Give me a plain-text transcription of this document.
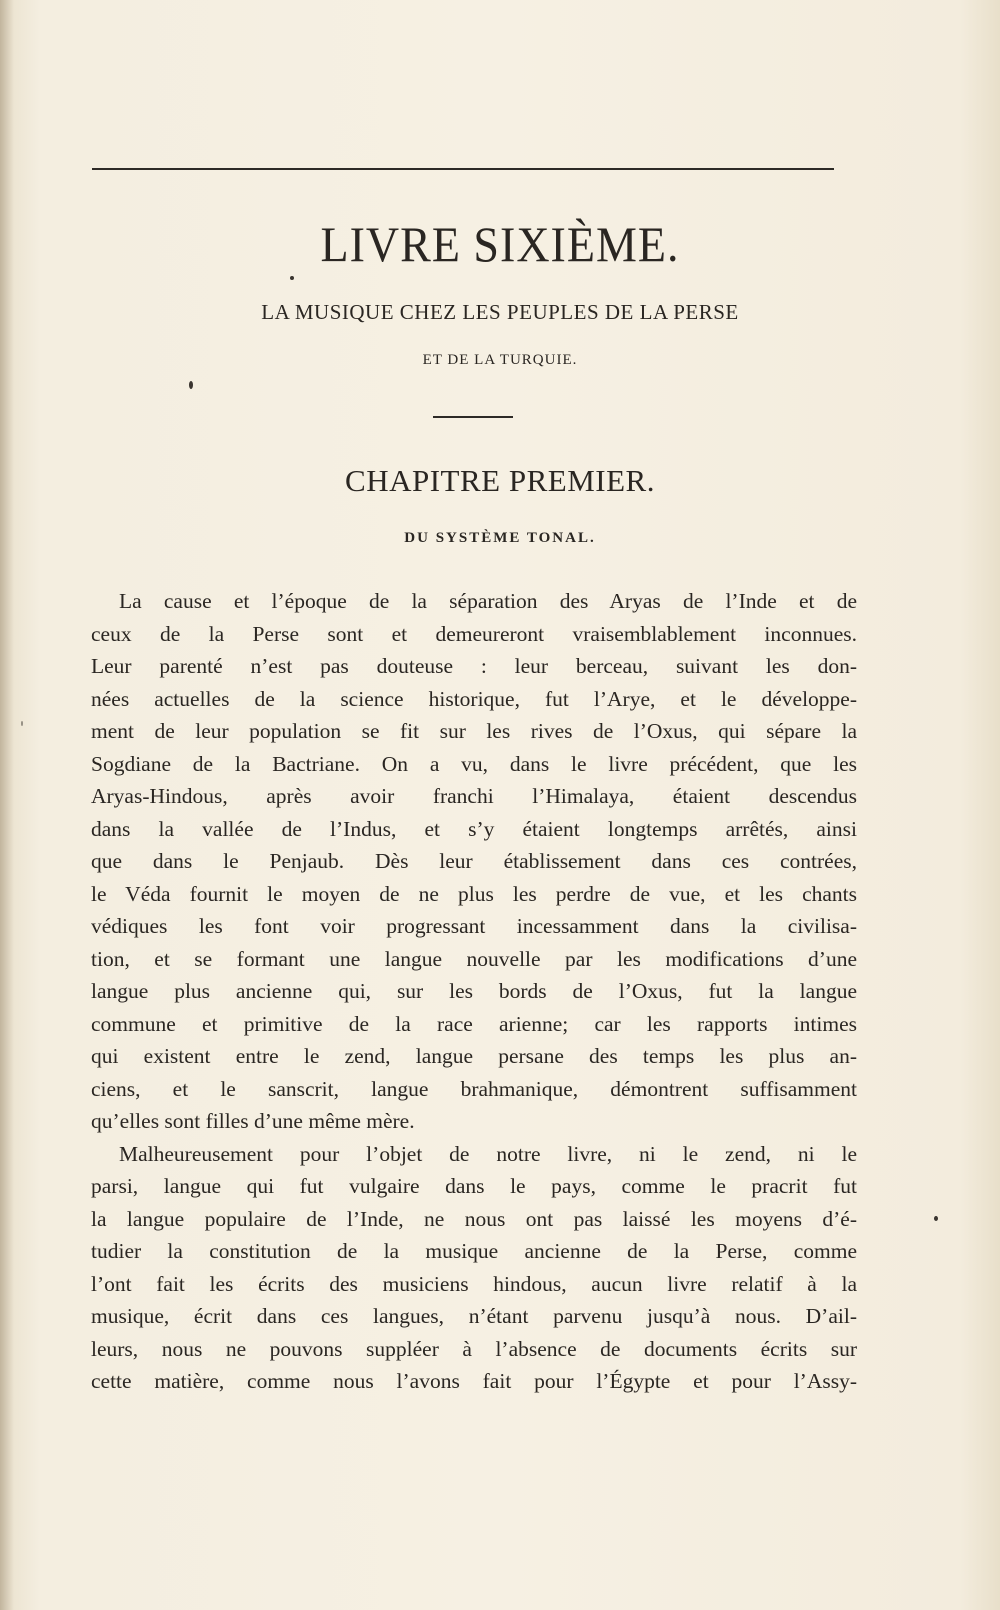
LIVRE SIXIÈME.
LA MUSIQUE CHEZ LES PEUPLES DE LA PERSE
ET DE LA TURQUIE.
CHAPITRE PREMIER.
DU SYSTÈME TONAL.
La cause et l’époque de la séparation des Aryas de l’Inde et de
ceux de la Perse sont et demeureront vraisemblablement inconnues.
Leur parenté n’est pas douteuse : leur berceau, suivant les don-
nées actuelles de la science historique, fut l’Arye, et le développe-
ment de leur population se fit sur les rives de l’Oxus, qui sépare la
Sogdiane de la Bactriane. On a vu, dans le livre précédent, que les
Aryas-Hindous, après avoir franchi l’Himalaya, étaient descendus
dans la vallée de l’Indus, et s’y étaient longtemps arrêtés, ainsi
que dans le Penjaub. Dès leur établissement dans ces contrées,
le Véda fournit le moyen de ne plus les perdre de vue, et les chants
védiques les font voir progressant incessamment dans la civilisa-
tion, et se formant une langue nouvelle par les modifications d’une
langue plus ancienne qui, sur les bords de l’Oxus, fut la langue
commune et primitive de la race arienne; car les rapports intimes
qui existent entre le zend, langue persane des temps les plus an-
ciens, et le sanscrit, langue brahmanique, démontrent suffisamment
qu’elles sont filles d’une même mère.
Malheureusement pour l’objet de notre livre, ni le zend, ni le
parsi, langue qui fut vulgaire dans le pays, comme le pracrit fut
la langue populaire de l’Inde, ne nous ont pas laissé les moyens d’é-
tudier la constitution de la musique ancienne de la Perse, comme
l’ont fait les écrits des musiciens hindous, aucun livre relatif à la
musique, écrit dans ces langues, n’étant parvenu jusqu’à nous. D’ail-
leurs, nous ne pouvons suppléer à l’absence de documents écrits sur
cette matière, comme nous l’avons fait pour l’Égypte et pour l’Assy-
